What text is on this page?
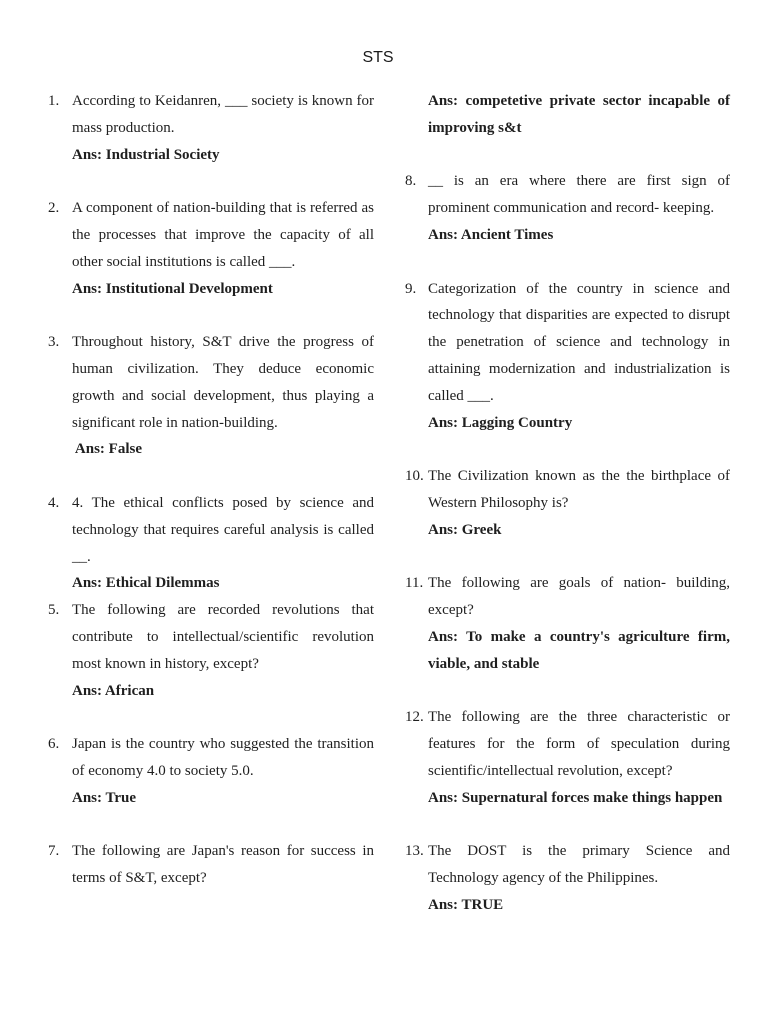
STS
1. According to Keidanren, ___ society is known for mass production.
Ans: Industrial Society
2. A component of nation-building that is referred as the processes that improve the capacity of all other social institutions is called ___.
Ans: Institutional Development
3. Throughout history, S&T drive the progress of human civilization. They deduce economic growth and social development, thus playing a significant role in nation-building.
Ans: False
4. 4. The ethical conflicts posed by science and technology that requires careful analysis is called __.
Ans: Ethical Dilemmas
5. The following are recorded revolutions that contribute to intellectual/scientific revolution most known in history, except?
Ans: African
6. Japan is the country who suggested the transition of economy 4.0 to society 5.0.
Ans: True
7. The following are Japan's reason for success in terms of S&T, except?
Ans: competetive private sector incapable of improving s&t
8. __ is an era where there are first sign of prominent communication and record- keeping.
Ans: Ancient Times
9. Categorization of the country in science and technology that disparities are expected to disrupt the penetration of science and technology in attaining modernization and industrialization is called ___.
Ans: Lagging Country
10. The Civilization known as the the birthplace of Western Philosophy is?
Ans: Greek
11. The following are goals of nation- building, except?
Ans: To make a country's agriculture firm, viable, and stable
12. The following are the three characteristic or features for the form of speculation during scientific/intellectual revolution, except?
Ans: Supernatural forces make things happen
13. The DOST is the primary Science and Technology agency of the Philippines.
Ans: TRUE
